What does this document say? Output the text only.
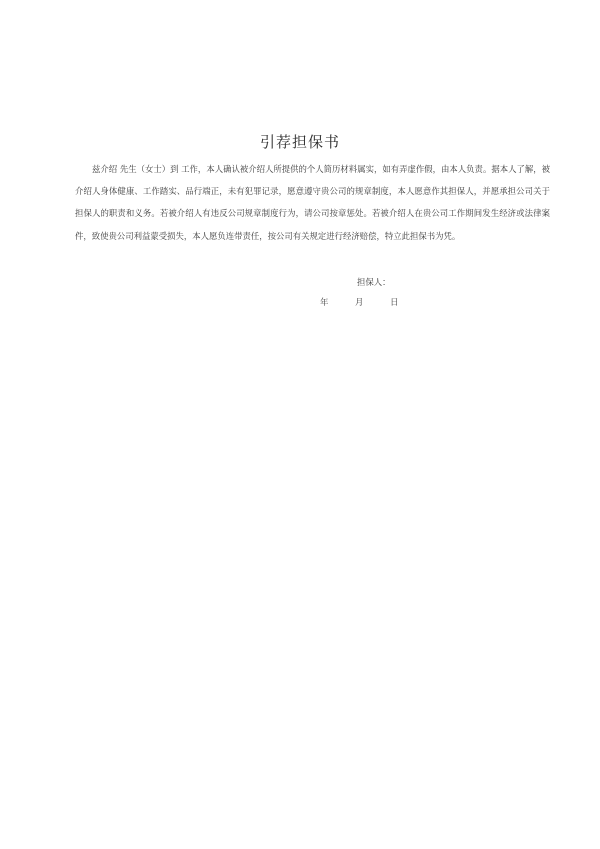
引荐担保书

兹介绍 先生（女士）到 工作，本人确认被介绍人所提供的个人简历材料属实，如有弄虚作假，由本人负责。据本人了解，被介绍人身体健康、工作踏实、品行端正，未有犯罪记录，愿意遵守贵公司的规章制度，本人愿意作其担保人，并愿承担公司关于担保人的职责和义务。若被介绍人有违反公司规章制度行为，请公司按章惩处。若被介绍人在贵公司工作期间发生经济或法律案件，致使贵公司利益蒙受损失，本人愿负连带责任，按公司有关规定进行经济赔偿，特立此担保书为凭。

担保人：
年	月	日
